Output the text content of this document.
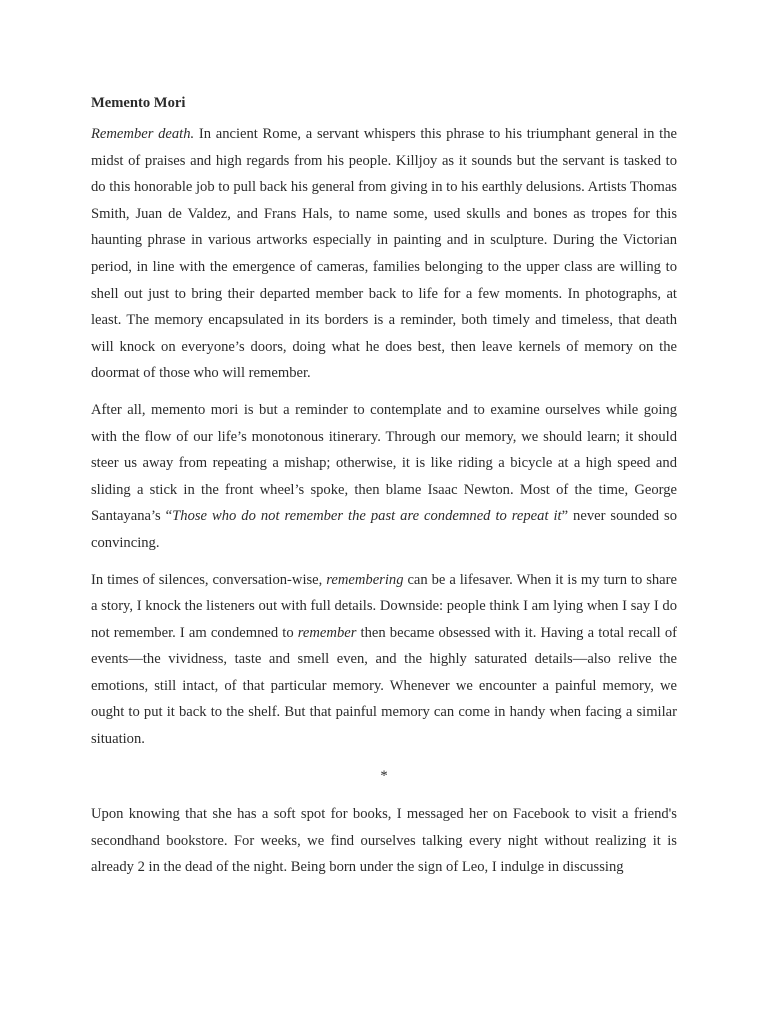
Memento Mori

Remember death. In ancient Rome, a servant whispers this phrase to his triumphant general in the midst of praises and high regards from his people. Killjoy as it sounds but the servant is tasked to do this honorable job to pull back his general from giving in to his earthly delusions. Artists Thomas Smith, Juan de Valdez, and Frans Hals, to name some, used skulls and bones as tropes for this haunting phrase in various artworks especially in painting and in sculpture. During the Victorian period, in line with the emergence of cameras, families belonging to the upper class are willing to shell out just to bring their departed member back to life for a few moments. In photographs, at least. The memory encapsulated in its borders is a reminder, both timely and timeless, that death will knock on everyone’s doors, doing what he does best, then leave kernels of memory on the doormat of those who will remember.

After all, memento mori is but a reminder to contemplate and to examine ourselves while going with the flow of our life’s monotonous itinerary. Through our memory, we should learn; it should steer us away from repeating a mishap; otherwise, it is like riding a bicycle at a high speed and sliding a stick in the front wheel’s spoke, then blame Isaac Newton. Most of the time, George Santayana’s “Those who do not remember the past are condemned to repeat it” never sounded so convincing.

In times of silences, conversation-wise, remembering can be a lifesaver. When it is my turn to share a story, I knock the listeners out with full details. Downside: people think I am lying when I say I do not remember. I am condemned to remember then became obsessed with it. Having a total recall of events—the vividness, taste and smell even, and the highly saturated details—also relive the emotions, still intact, of that particular memory. Whenever we encounter a painful memory, we ought to put it back to the shelf. But that painful memory can come in handy when facing a similar situation.

*

Upon knowing that she has a soft spot for books, I messaged her on Facebook to visit a friend's secondhand bookstore. For weeks, we find ourselves talking every night without realizing it is already 2 in the dead of the night. Being born under the sign of Leo, I indulge in discussing
